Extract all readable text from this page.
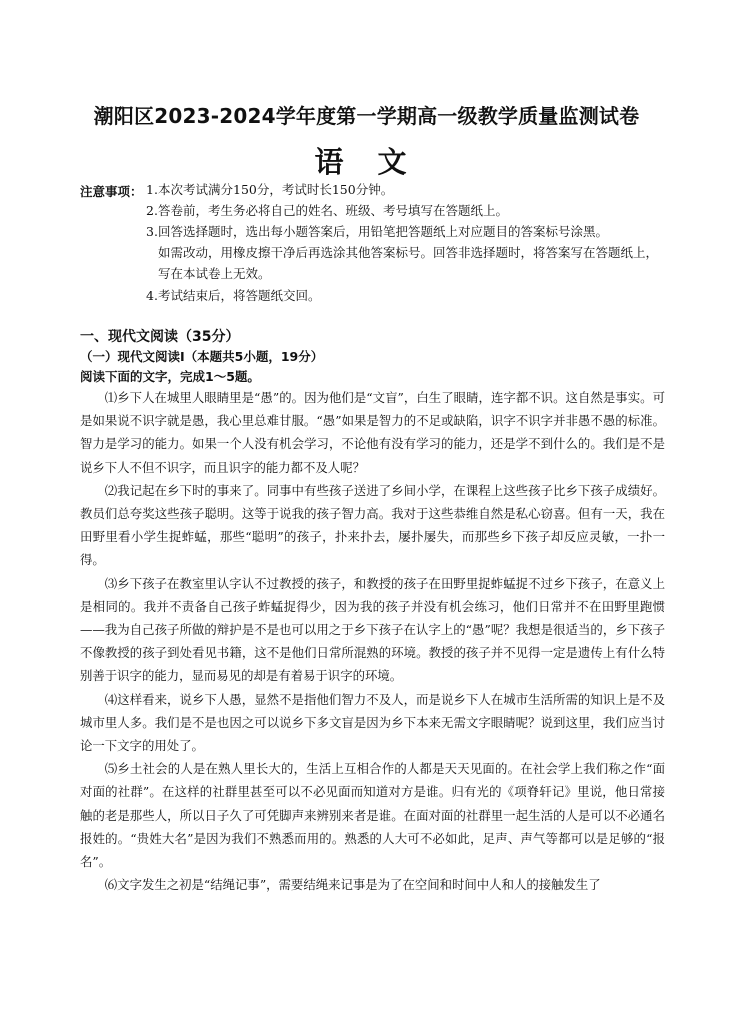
潮阳区2023-2024学年度第一学期高一级教学质量监测试卷
语 文
注意事项： 1.本次考试满分150分，考试时长150分钟。
2.答卷前，考生务必将自己的姓名、班级、考号填写在答题纸上。
3.回答选择题时，选出每小题答案后，用铅笔把答题纸上对应题目的答案标号涂黑。
如需改动，用橡皮擦干净后再选涂其他答案标号。回答非选择题时，将答案写在答题纸上，写在本试卷上无效。
4.考试结束后，将答题纸交回。
一、现代文阅读（35分）
（一）现代文阅读Ⅰ（本题共5小题，19分）
阅读下面的文字，完成1～5题。

⑴乡下人在城里人眼睛里是“愚”的。因为他们是“文盲”，白生了眼睛，连字都不识。这自然是事实。可是如果说不识字就是愚，我心里总难甘服。“愚”如果是智力的不足或缺陷，识字不识字并非愚不愚的标准。智力是学习的能力。如果一个人没有机会学习，不论他有没有学习的能力，还是学不到什么的。我们是不是说乡下人不但不识字，而且识字的能力都不及人呢？

⑵我记起在乡下时的事来了。同事中有些孩子送进了乡间小学，在课程上这些孩子比乡下孩子成绩好。教员们总夸奖这些孩子聪明。这等于说我的孩子智力高。我对于这些恭维自然是私心窃喜。但有一天，我在田野里看小学生捉蚱蜢，那些“聪明”的孩子，扑来扑去，屡扑屡失，而那些乡下孩子却反应灵敏，一扑一得。

⑶乡下孩子在教室里认字认不过教授的孩子，和教授的孩子在田野里捉蚱蜢捉不过乡下孩子，在意义上是相同的。我并不责备自己孩子蚱蜢捉得少，因为我的孩子并没有机会练习，他们日常并不在田野里跑惯——我为自己孩子所做的辩护是不是也可以用之于乡下孩子在认字上的“愚”呢？我想是很适当的，乡下孩子不像教授的孩子到处看见书籍，这不是他们日常所混熟的环境。教授的孩子并不见得一定是遗传上有什么特别善于识字的能力，显而易见的却是有着易于识字的环境。

⑷这样看来，说乡下人愚，显然不是指他们智力不及人，而是说乡下人在城市生活所需的知识上是不及城市里人多。我们是不是也因之可以说乡下多文盲是因为乡下本来无需文字眼睛呢？说到这里，我们应当讨论一下文字的用处了。

⑸乡土社会的人是在熟人里长大的，生活上互相合作的人都是天天见面的。在社会学上我们称之作“面对面的社群”。在这样的社群里甚至可以不必见面而知道对方是谁。归有光的《项脊轩记》里说，他日常接触的老是那些人，所以日子久了可凭脚声来辨别来者是谁。在面对面的社群里一起生活的人是可以不必通名报姓的。“贵姓大名”是因为我们不熟悉而用的。熟悉的人大可不必如此，足声、声气等都可以是足够的“报名”。

⑹文字发生之初是“结绳记事”，需要结绳来记事是为了在空间和时间中人和人的接触发生了
